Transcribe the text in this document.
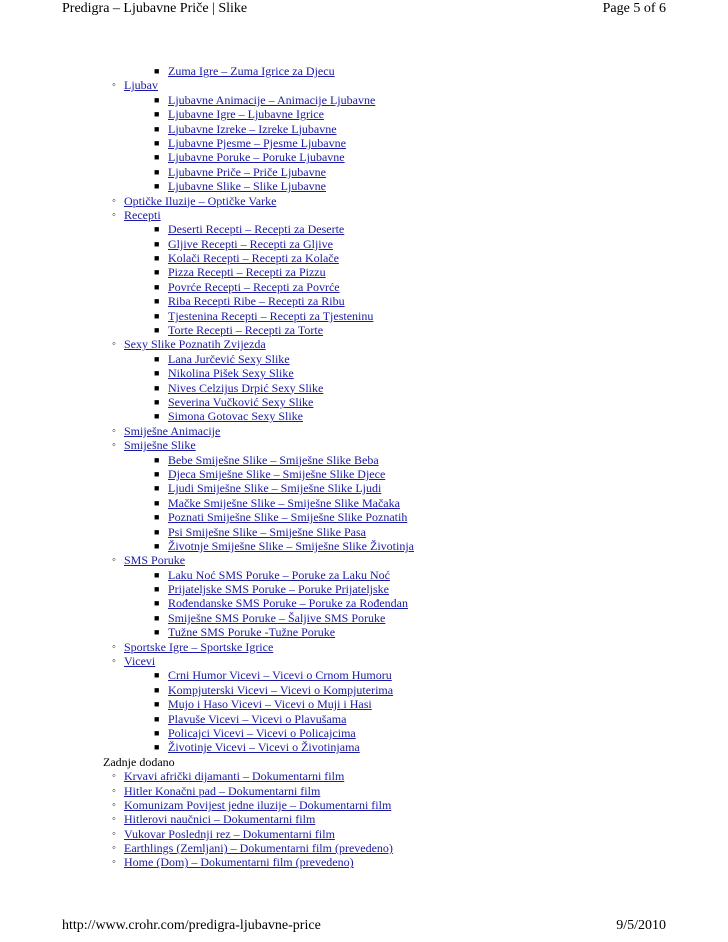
Predigra – Ljubavne Priče | Slike	Page 5 of 6
■ Zuma Igre – Zuma Igrice za Djecu
◦ Ljubav
■ Ljubavne Animacije – Animacije Ljubavne
■ Ljubavne Igre – Ljubavne Igrice
■ Ljubavne Izreke – Izreke Ljubavne
■ Ljubavne Pjesme – Pjesme Ljubavne
■ Ljubavne Poruke – Poruke Ljubavne
■ Ljubavne Priče – Priče Ljubavne
■ Ljubavne Slike – Slike Ljubavne
◦ Optičke Iluzije – Optičke Varke
◦ Recepti
■ Deserti Recepti – Recepti za Deserte
■ Gljive Recepti – Recepti za Gljive
■ Kolači Recepti – Recepti za Kolače
■ Pizza Recepti – Recepti za Pizzu
■ Povrće Recepti – Recepti za Povrće
■ Riba Recepti Ribe – Recepti za Ribu
■ Tjestenina Recepti – Recepti za Tjesteninu
■ Torte Recepti – Recepti za Torte
◦ Sexy Slike Poznatih Zvijezda
■ Lana Jurčević Sexy Slike
■ Nikolina Pišek Sexy Slike
■ Nives Celzijus Drpić Sexy Slike
■ Severina Vučković Sexy Slike
■ Simona Gotovac Sexy Slike
◦ Smiješne Animacije
◦ Smiješne Slike
■ Bebe Smiješne Slike – Smiješne Slike Beba
■ Djeca Smiješne Slike – Smiješne Slike Djece
■ Ljudi Smiješne Slike – Smiješne Slike Ljudi
■ Mačke Smiješne Slike – Smiješne Slike Mačaka
■ Poznati Smiješne Slike – Smiješne Slike Poznatih
■ Psi Smiješne Slike – Smiješne Slike Pasa
■ Životnje Smiješne Slike – Smiješne Slike Životinja
◦ SMS Poruke
■ Laku Noć SMS Poruke – Poruke za Laku Noć
■ Prijateljske SMS Poruke – Poruke Prijateljske
■ Rođendanske SMS Poruke – Poruke za Rođendan
■ Smiješne SMS Poruke – Šaljive SMS Poruke
■ Tužne SMS Poruke -Tužne Poruke
◦ Sportske Igre – Sportske Igrice
◦ Vicevi
■ Crni Humor Vicevi – Vicevi o Crnom Humoru
■ Kompjuterski Vicevi – Vicevi o Kompjuterima
■ Mujo i Haso Vicevi – Vicevi o Muji i Hasi
■ Plavuše Vicevi – Vicevi o Plavušama
■ Policajci Vicevi – Vicevi o Policajcima
■ Životinje Vicevi – Vicevi o Životinjama
Zadnje dodano
◦ Krvavi afrički dijamanti – Dokumentarni film
◦ Hitler Konačni pad – Dokumentarni film
◦ Komunizam Povijest jedne iluzije – Dokumentarni film
◦ Hitlerovi naučnici – Dokumentarni film
◦ Vukovar Poslednji rez – Dokumentarni film
◦ Earthlings (Zemljani) – Dokumentarni film (prevedeno)
◦ Home (Dom) – Dokumentarni film (prevedeno)
http://www.crohr.com/predigra-ljubavne-price	9/5/2010
